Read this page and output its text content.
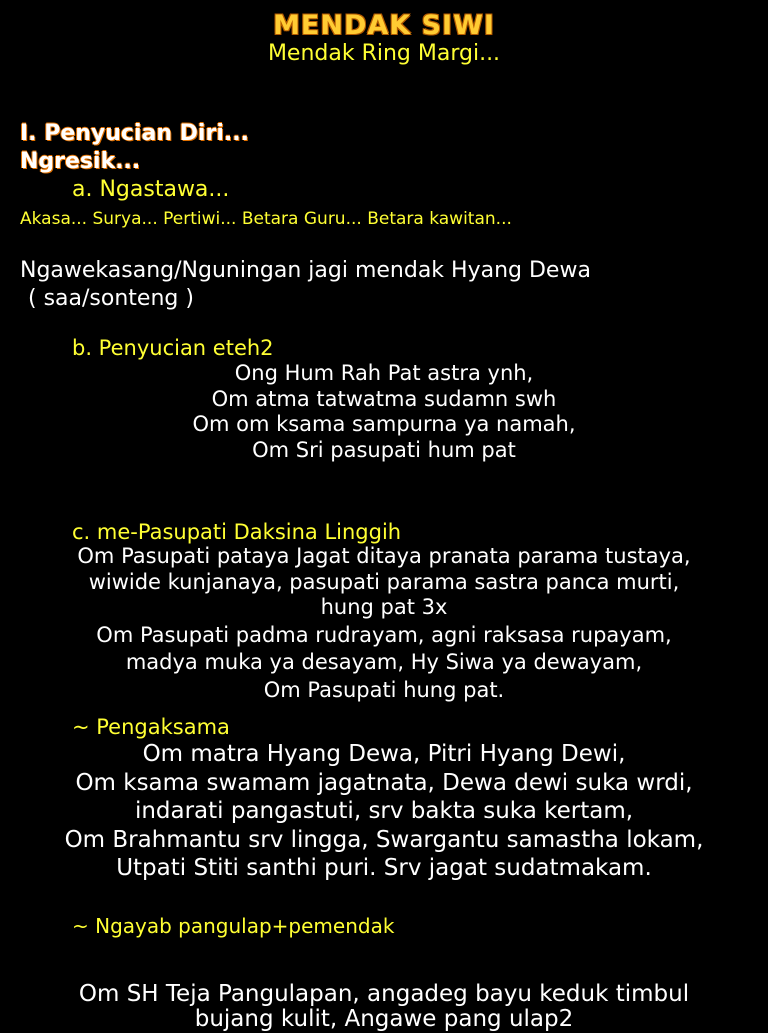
MENDAK SIWI
Mendak Ring Margi...
I. Penyucian Diri...
Ngresik...
a. Ngastawa...
Akasa... Surya... Pertiwi... Betara Guru... Betara kawitan...
Ngawekasang/Nguningan jagi mendak Hyang Dewa
( saa/sonteng )
b. Penyucian eteh2
Ong Hum Rah Pat astra ynh,
Om atma tatwatma sudamn swh
Om om ksama sampurna ya namah,
Om Sri pasupati hum pat
c. me-Pasupati Daksina Linggih
Om Pasupati pataya Jagat ditaya pranata parama tustaya,
wiwide kunjanaya, pasupati parama sastra panca murti,
hung pat 3x
Om Pasupati padma rudrayam, agni raksasa rupayam,
madya muka ya desayam, Hy Siwa ya dewayam,
Om Pasupati hung pat.
~ Pengaksama
Om matra Hyang Dewa, Pitri Hyang Dewi,
Om ksama swamam jagatnata, Dewa dewi suka wrdi,
indarati pangastuti, srv bakta suka kertam,
Om Brahmantu srv lingga, Swargantu samastha lokam,
Utpati Stiti santhi puri. Srv jagat sudatmakam.
~ Ngayab pangulap+pemendak
Om SH Teja Pangulapan, angadeg bayu keduk timbul
bujang kulit, Angawe pang ulap2
